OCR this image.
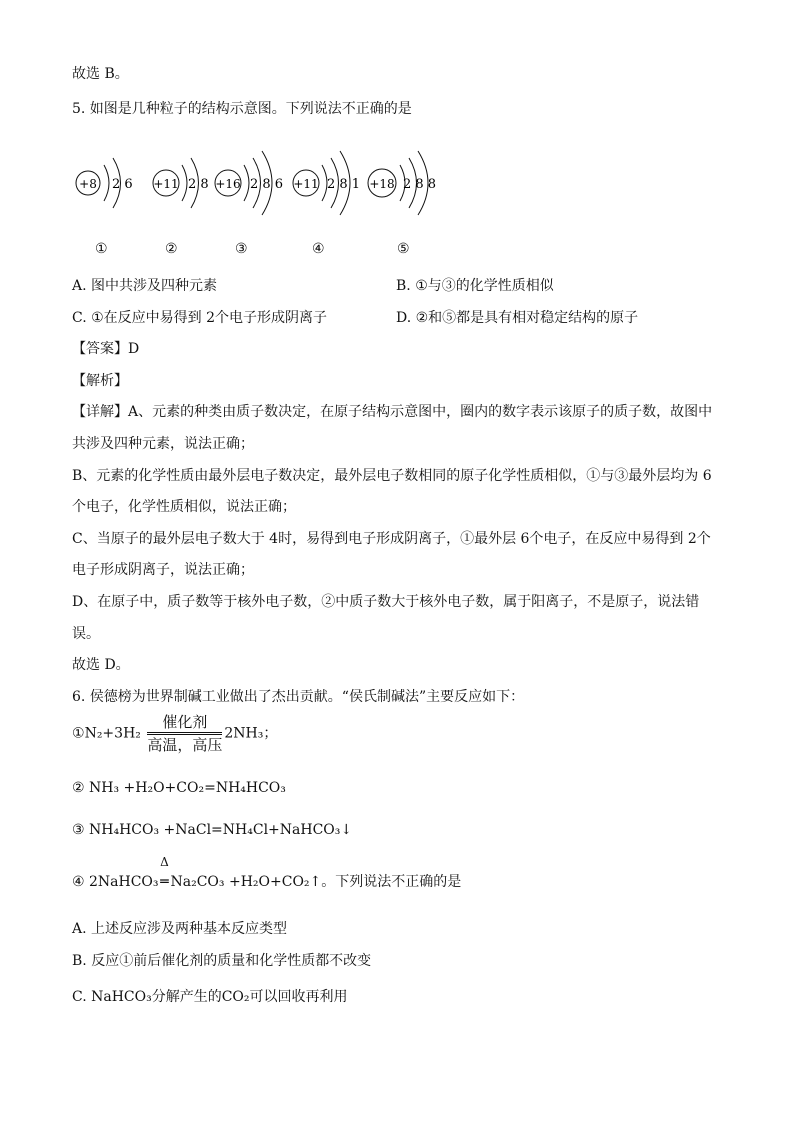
故选 B。
5. 如图是几种粒子的结构示意图。下列说法不正确的是
+8 2 6 +11 2 8 +16 2 8 6 +11 2 8 1 +18 2 8 8
①	②	③	④	⑤
A. 图中共涉及四种元素	B. ①与③的化学性质相似
C. ①在反应中易得到 2个电子形成阴离子	D. ②和⑤都是具有相对稳定结构的原子
【答案】D
【解析】
【详解】A、元素的种类由质子数决定，在原子结构示意图中，圈内的数字表示该原子的质子数，故图中
共涉及四种元素，说法正确；
B、元素的化学性质由最外层电子数决定，最外层电子数相同的原子化学性质相似，①与③最外层均为 6
个电子，化学性质相似，说法正确；
C、当原子的最外层电子数大于 4时，易得到电子形成阴离子，①最外层 6个电子，在反应中易得到 2个
电子形成阴离子，说法正确；
D、在原子中，质子数等于核外电子数，②中质子数大于核外电子数，属于阳离子，不是原子，说法错
误。
故选 D。
6. 侯德榜为世界制碱工业做出了杰出贡献。“侯氏制碱法”主要反应如下：
①N₂+3H₂
催化剂
高温，高压
2NH₃；
② NH₃ +H₂O+CO₂=NH₄HCO₃
③ NH₄HCO₃ +NaCl=NH₄Cl+NaHCO₃↓
④ 2NaHCO₃
Δ
═ Na₂CO₃ +H₂O+CO₂↑。下列说法不正确的是
A. 上述反应涉及两种基本反应类型
B. 反应①前后催化剂的质量和化学性质都不改变
C. NaHCO₃分解产生的CO₂可以回收再利用
